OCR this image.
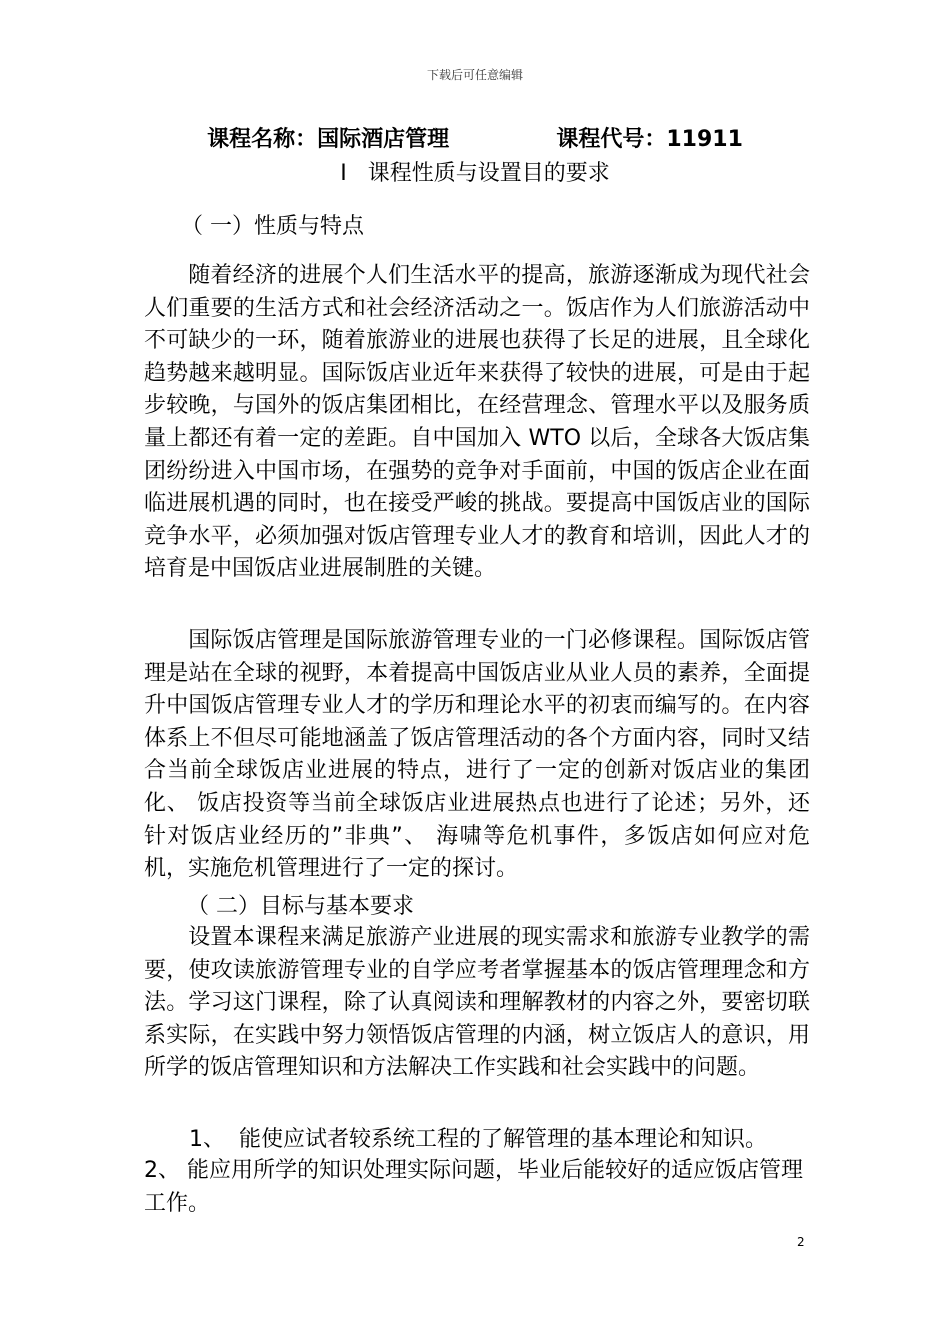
下载后可任意编辑
课程名称：国际酒店管理              课程代号：11911
Ⅰ   课程性质与设置目的要求
（ 一）性质与特点

随着经济的进展个人们生活水平的提高，旅游逐渐成为现代社会人们重要的生活方式和社会经济活动之一。饭店作为人们旅游活动中不可缺少的一环，随着旅游业的进展也获得了长足的进展，且全球化趋势越来越明显。国际饭店业近年来获得了较快的进展，可是由于起步较晚，与国外的饭店集团相比，在经营理念、管理水平以及服务质量上都还有着一定的差距。自中国加入 WTO 以后，全球各大饭店集团纷纷进入中国市场，在强势的竞争对手面前，中国的饭店企业在面临进展机遇的同时，也在接受严峻的挑战。要提高中国饭店业的国际竞争水平，必须加强对饭店管理专业人才的教育和培训，因此人才的培育是中国饭店业进展制胜的关键。

国际饭店管理是国际旅游管理专业的一门必修课程。国际饭店管理是站在全球的视野，本着提高中国饭店业从业人员的素养，全面提升中国饭店管理专业人才的学历和理论水平的初衷而编写的。在内容体系上不但尽可能地涵盖了饭店管理活动的各个方面内容，同时又结合当前全球饭店业进展的特点，进行了一定的创新对饭店业的集团化、 饭店投资等当前全球饭店业进展热点也进行了论述；另外，还针对饭店业经历的”非典”、 海啸等危机事件，多饭店如何应对危机，实施危机管理进行了一定的探讨。

（ 二）目标与基本要求

设置本课程来满足旅游产业进展的现实需求和旅游专业教学的需要，使攻读旅游管理专业的自学应考者掌握基本的饭店管理理念和方法。学习这门课程，除了认真阅读和理解教材的内容之外，要密切联系实际，在实践中努力领悟饭店管理的内涵，树立饭店人的意识，用所学的饭店管理知识和方法解决工作实践和社会实践中的问题。

1、  能使应试者较系统工程的了解管理的基本理论和知识。

2、 能应用所学的知识处理实际问题，毕业后能较好的适应饭店管理工作。

2
